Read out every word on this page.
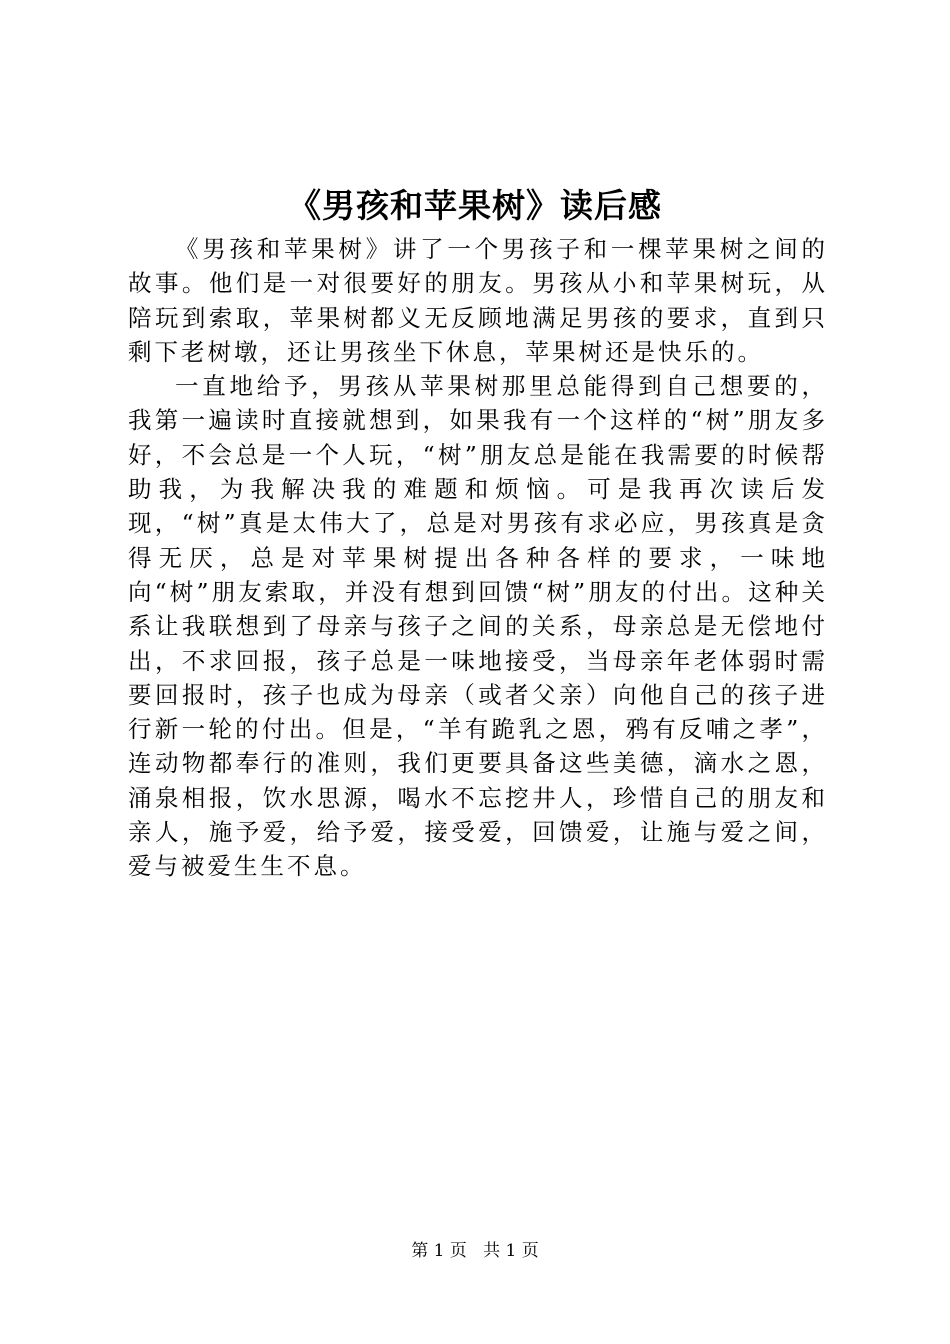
《男孩和苹果树》读后感

《男孩和苹果树》讲了一个男孩子和一棵苹果树之间的故事。他们是一对很要好的朋友。男孩从小和苹果树玩，从陪玩到索取，苹果树都义无反顾地满足男孩的要求，直到只剩下老树墩，还让男孩坐下休息，苹果树还是快乐的。

一直地给予，男孩从苹果树那里总能得到自己想要的，我第一遍读时直接就想到，如果我有一个这样的“树”朋友多好，不会总是一个人玩，“树”朋友总是能在我需要的时候帮助我，为我解决我的难题和烦恼。可是我再次读后发现，“树”真是太伟大了，总是对男孩有求必应，男孩真是贪得无厌，总是对苹果树提出各种各样的要求，一味地向“树”朋友索取，并没有想到回馈“树”朋友的付出。这种关系让我联想到了母亲与孩子之间的关系，母亲总是无偿地付出，不求回报，孩子总是一味地接受，当母亲年老体弱时需要回报时，孩子也成为母亲（或者父亲）向他自己的孩子进行新一轮的付出。但是，“羊有跪乳之恩，鸦有反哺之孝”，连动物都奉行的准则，我们更要具备这些美德，滴水之恩，涌泉相报，饮水思源，喝水不忘挖井人，珍惜自己的朋友和亲人，施予爱，给予爱，接受爱，回馈爱，让施与爱之间，爱与被爱生生不息。

第 1 页   共 1 页
